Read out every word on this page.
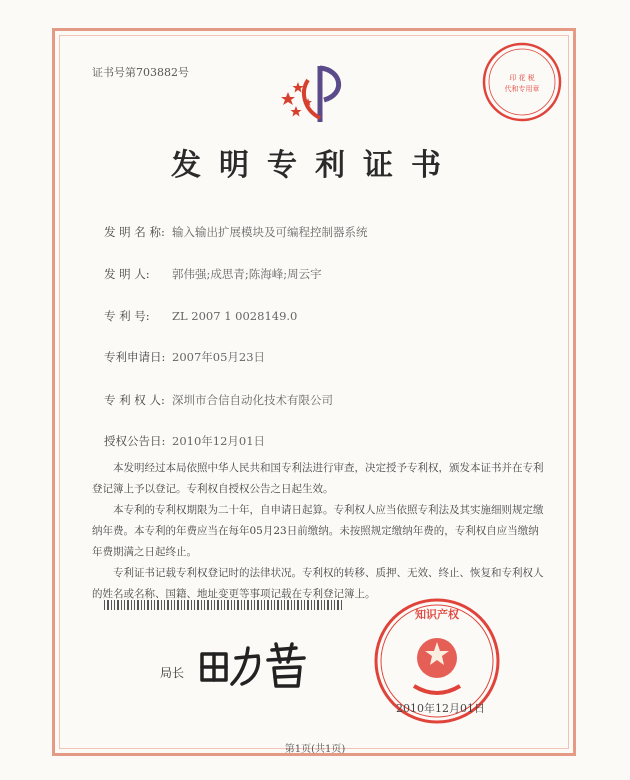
证书号第703882号	印 花 税
代和专用章
发明专利证书
发 明 名 称: 输入输出扩展模块及可编程控制器系统
发 明 人: 郭伟强;成思青;陈海峰;周云宇
专 利 号: ZL 2007 1 0028149.0
专利申请日: 2007年05月23日
专 利 权 人: 深圳市合信自动化技术有限公司
授权公告日: 2010年12月01日

本发明经过本局依照中华人民共和国专利法进行审查，决定授予专利权，颁发本证书并在专利登记簿上予以登记。专利权自授权公告之日起生效。

本专利的专利权期限为二十年，自申请日起算。专利权人应当依照专利法及其实施细则规定缴纳年费。本专利的年费应当在每年05月23日前缴纳。未按照规定缴纳年费的，专利权自应当缴纳年费期满之日起终止。

专利证书记载专利权登记时的法律状况。专利权的转移、质押、无效、终止、恢复和专利权人的姓名或名称、国籍、地址变更等事项记载在专利登记簿上。

局长
知识产权
2010年12月01日
第1页(共1页)
